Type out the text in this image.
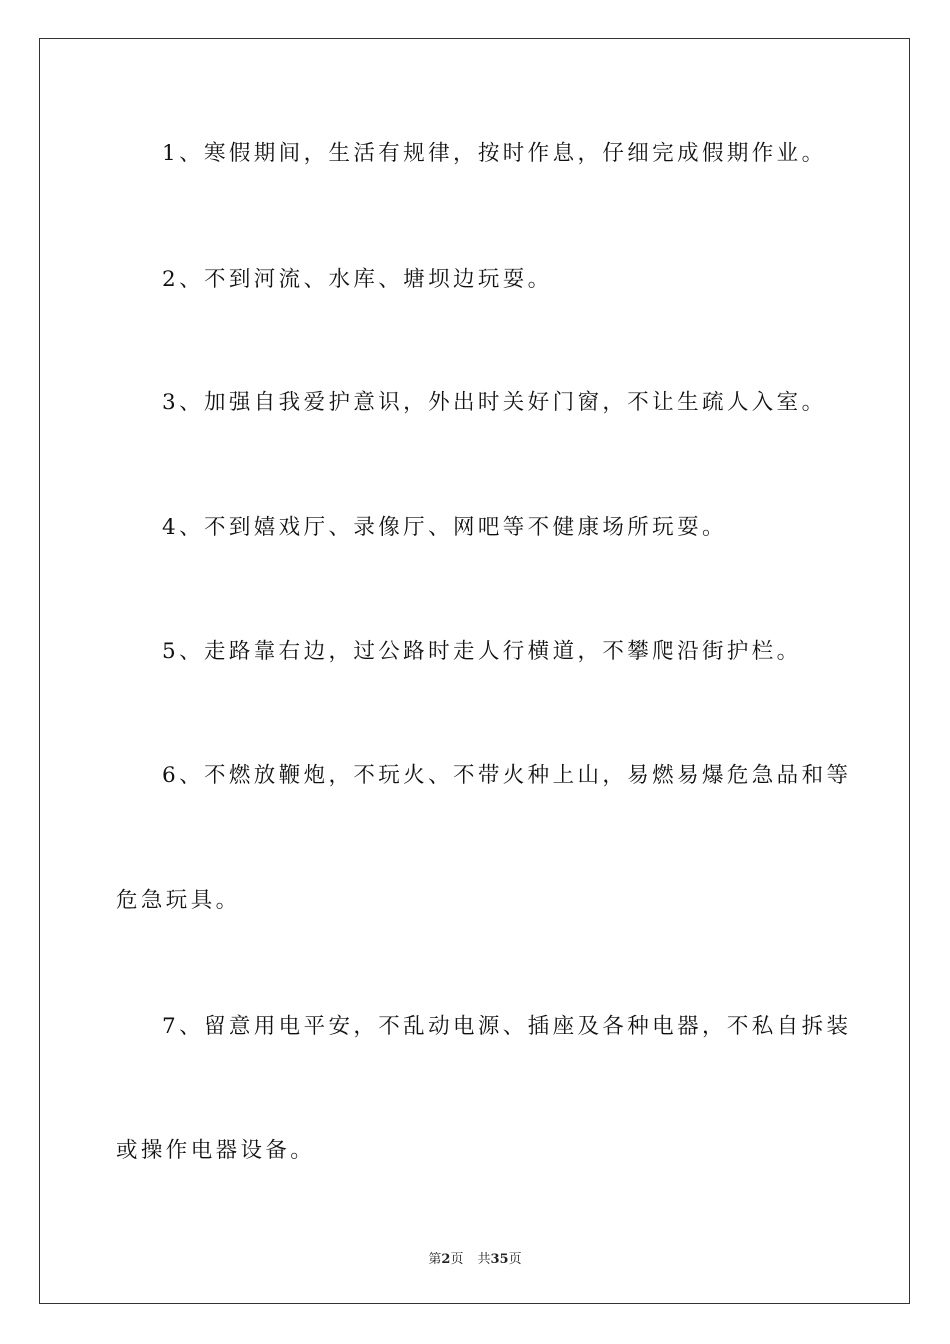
1、寒假期间，生活有规律，按时作息，仔细完成假期作业。
2、不到河流、水库、塘坝边玩耍。
3、加强自我爱护意识，外出时关好门窗，不让生疏人入室。
4、不到嬉戏厅、录像厅、网吧等不健康场所玩耍。
5、走路靠右边，过公路时走人行横道，不攀爬沿街护栏。
6、不燃放鞭炮，不玩火、不带火种上山，易燃易爆危急品和等
危急玩具。
7、留意用电平安，不乱动电源、插座及各种电器，不私自拆装
或操作电器设备。
第2页 共35页
